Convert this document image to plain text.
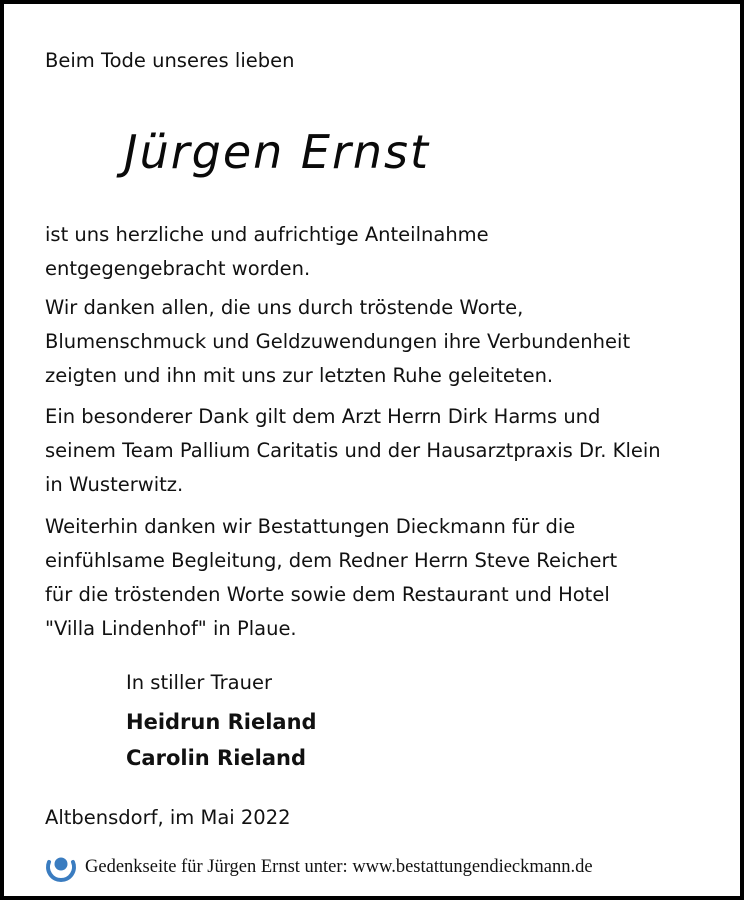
Beim Tode unseres lieben
Jürgen Ernst
ist uns herzliche und aufrichtige Anteilnahme
entgegengebracht worden.
Wir danken allen, die uns durch tröstende Worte,
Blumenschmuck und Geldzuwendungen ihre Verbundenheit
zeigten und ihn mit uns zur letzten Ruhe geleiteten.
Ein besonderer Dank gilt dem Arzt Herrn Dirk Harms und
seinem Team Pallium Caritatis und der Hausarztpraxis Dr. Klein
in Wusterwitz.
Weiterhin danken wir Bestattungen Dieckmann für die
einfühlsame Begleitung, dem Redner Herrn Steve Reichert
für die tröstenden Worte sowie dem Restaurant und Hotel
"Villa Lindenhof" in Plaue.
In stiller Trauer
Heidrun Rieland
Carolin Rieland
Altbensdorf, im Mai 2022
Gedenkseite für Jürgen Ernst unter: www.bestattungendieckmann.de
